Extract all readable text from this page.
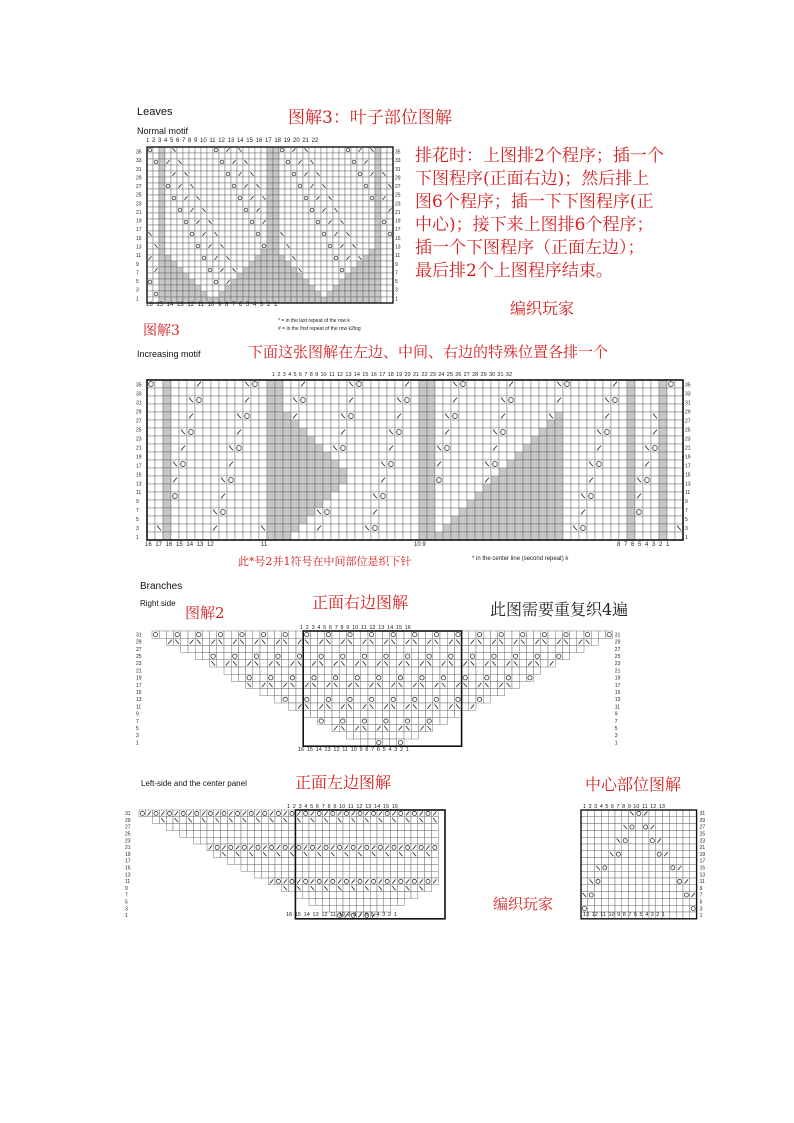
Leaves
Normal motif
图解3：叶子部位图解
1 2 3 4 5 6 7 8 9 10 11 12 13 14 15 16 17 18 19 20 21 22
35
33
31
29
27
25
23
21
19
17
15
13
11
9
7
5
3
1
35
33
31
29
27
25
23
21
19
17
15
13
11
9
7
5
3
1
16 15 14 13 12 11 10 9 8 7 6 5 4 3 2 1
排花时：上图排2个程序；插一个
下图程序(正面右边)；然后排上
图6个程序；插一下下图程序(正
中心)；接下来上图排6个程序；
插一个下图程序（正面左边）；
最后排2个上图程序结束。
编织玩家
图解3
* = in the last repeat of the row k
# = in the first repeat of the row k2tog
Increasing motif	下面这张图解在左边、中间、右边的特殊位置各排一个
1 2 3 4 5 6 7 8 9 10 11 12 13 14 15 16 17 18 19 20 21 22 23 24 25 26 27 28 29 30 31 32
35
33
31
29
27
25
23
21
19
17
15
13
11
9
7
5
3
1
35
33
31
29
27
25
23
21
19
17
15
13
11
9
7
5
3
1
16 17 16 15 14 13 12	11	10 9	8 7 6 5 4 3 2 1
此*号2并1符号在中间部位是织下针	* in the center line (second repeat) k
Branches
Right side
图解2
正面右边图解	此图需要重复织4遍
1 2 3 4 5 6 7 8 9 10 11 12 13 14 15 16
31
29
27
25
23
21
19
17
15
13
11
9
7
5
3
1
31
29
27
25
23
21
19
17
15
13
11
9
7
5
3
1
16 15 14 13 12 11 10 9 8 7 6 5 4 3 2 1
Left-side and the center panel	正面左边图解	中心部位图解
1 2 3 4 5 6 7 8 9 10 11 12 13 14 15 16
31
29
27
25
23
21
19
17
15
13
11
9
7
5
3
1
31
29
27
25
23
21
19
17
15
13
11
9
7
5
3
1
1 2 3 4 5 6 7 8 9 10 11 12 13
16 15 14 13 12 11 10 9 8 7 6 5 4 3 2 1	13 12 11 10 9 8 7 6 5 4 3 2 1
编织玩家
